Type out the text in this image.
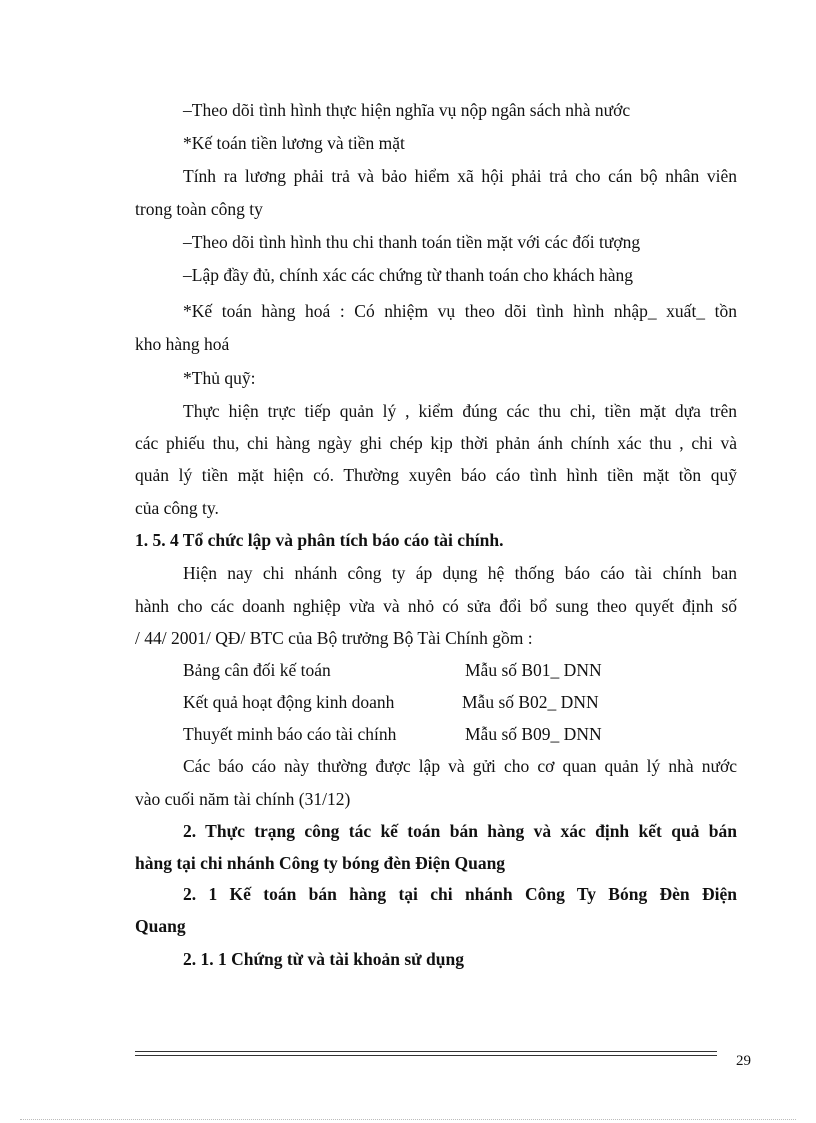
–Theo dõi tình hình thực hiện nghĩa vụ nộp ngân sách nhà nước
*Kế toán tiền lương và tiền mặt
Tính ra lương phải trả và bảo hiểm xã hội phải trả cho cán bộ nhân viên
trong toàn công ty
–Theo dõi tình hình thu chi thanh toán tiền mặt với các đối tượng
–Lập đầy đủ, chính xác các chứng từ thanh toán cho khách hàng
*Kế toán hàng hoá : Có nhiệm vụ theo dõi tình hình nhập_ xuất_ tồn
kho hàng hoá
*Thủ quỹ:
Thực hiện trực tiếp quản lý , kiểm đúng các thu chi, tiền mặt dựa trên
các phiếu thu, chi hàng ngày ghi chép kịp thời phản ánh chính xác thu , chi và
quản lý tiền mặt hiện có. Thường xuyên báo cáo tình hình tiền mặt tồn quỹ
của công ty.
1. 5. 4 Tổ chức lập và phân tích báo cáo tài chính.
Hiện nay chi nhánh công ty áp dụng hệ thống báo cáo tài chính ban
hành cho các doanh nghiệp vừa và nhỏ có sửa đổi bổ sung theo quyết định số
/ 44/ 2001/ QĐ/ BTC của Bộ trưởng Bộ Tài Chính gồm :
Bảng cân đối kế toán	Mẫu số B01_ DNN
Kết quả hoạt động kinh doanh	Mẫu số B02_ DNN
Thuyết minh báo cáo tài chính	Mẫu số B09_ DNN
Các báo cáo này thường được lập và gửi cho cơ quan quản lý nhà nước
vào cuối năm tài chính (31/12)
2. Thực trạng công tác kế toán bán hàng và xác định kết quả bán
hàng tại chi nhánh Công ty bóng đèn Điện Quang
2. 1 Kế toán bán hàng tại chi nhánh Công Ty Bóng Đèn Điện
Quang
2. 1. 1 Chứng từ và tài khoản sử dụng
29
